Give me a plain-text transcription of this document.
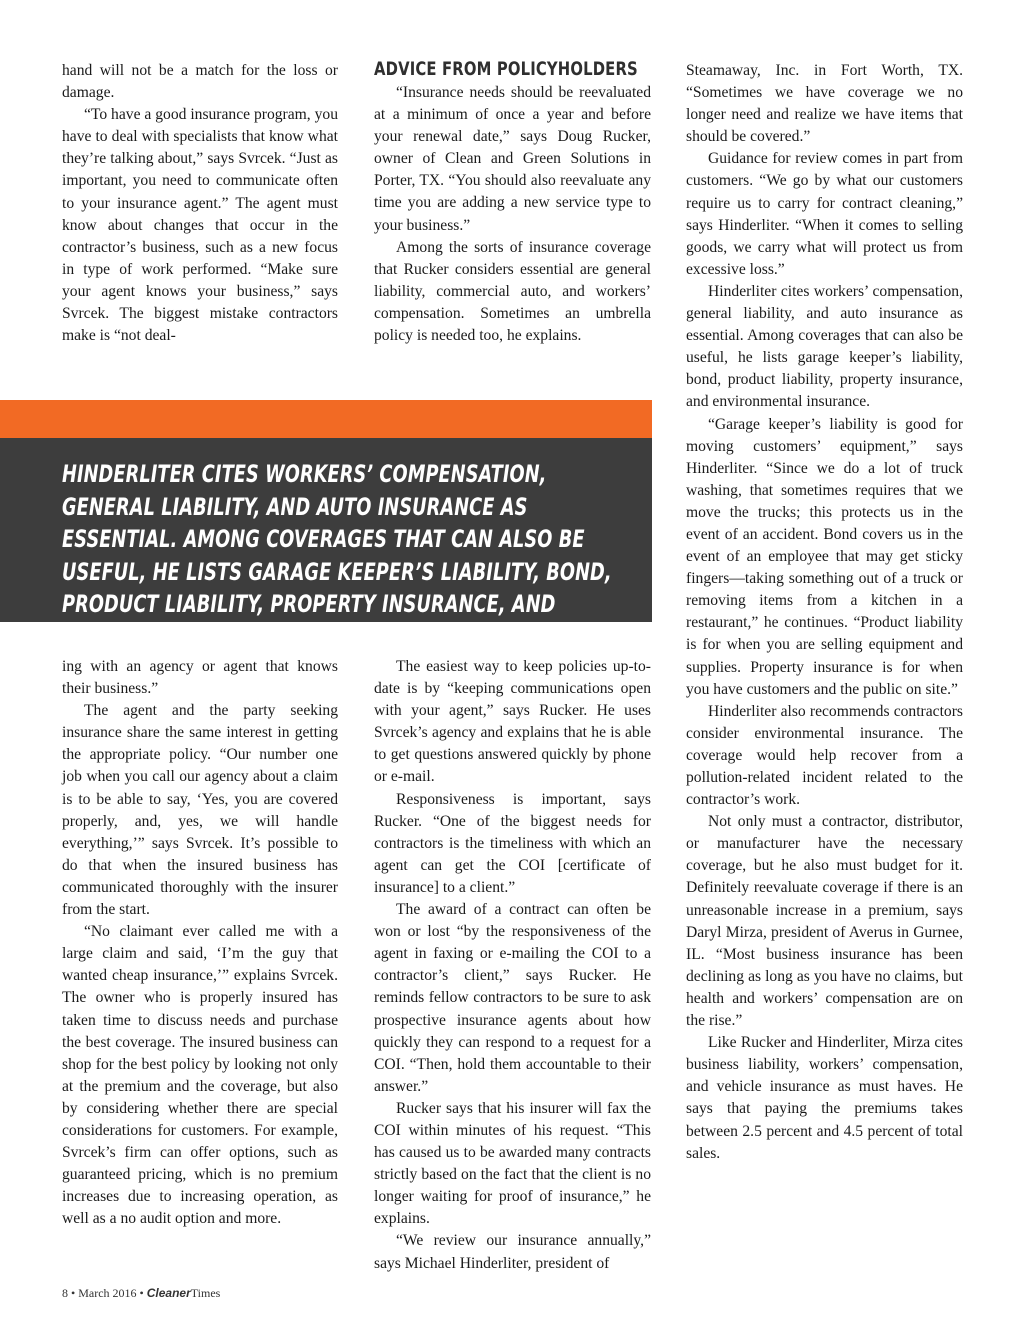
hand will not be a match for the loss or damage.

“To have a good insurance program, you have to deal with specialists that know what they’re talking about,” says Svrcek. “Just as important, you need to communicate often to your insurance agent.” The agent must know about changes that occur in the contractor’s business, such as a new focus in type of work performed. “Make sure your agent knows your business,” says Svrcek. The biggest mistake contractors make is “not deal-

ADVICE FROM POLICYHOLDERS

“Insurance needs should be reevaluated at a minimum of once a year and before your renewal date,” says Doug Rucker, owner of Clean and Green Solutions in Porter, TX. “You should also reevaluate any time you are adding a new service type to your business.”

Among the sorts of insurance coverage that Rucker considers essential are general liability, commercial auto, and workers’ compensation. Sometimes an umbrella policy is needed too, he explains.

HINDERLITER CITES WORKERS’ COMPENSATION, GENERAL LIABILITY, AND AUTO INSURANCE AS ESSENTIAL. AMONG COVERAGES THAT CAN ALSO BE USEFUL, HE LISTS GARAGE KEEPER’S LIABILITY, BOND, PRODUCT LIABILITY, PROPERTY INSURANCE, AND ENVIRONMENTAL INSURANCE.

ing with an agency or agent that knows their business.”

The agent and the party seeking insurance share the same interest in getting the appropriate policy. “Our number one job when you call our agency about a claim is to be able to say, ‘Yes, you are covered properly, and, yes, we will handle everything,’” says Svrcek. It’s possible to do that when the insured business has communicated thoroughly with the insurer from the start.

“No claimant ever called me with a large claim and said, ‘I’m the guy that wanted cheap insurance,’” explains Svrcek. The owner who is properly insured has taken time to discuss needs and purchase the best coverage. The insured business can shop for the best policy by looking not only at the premium and the coverage, but also by considering whether there are special considerations for customers. For example, Svrcek’s firm can offer options, such as guaranteed pricing, which is no premium increases due to increasing operation, as well as a no audit option and more.

The easiest way to keep policies up-to-date is by “keeping communications open with your agent,” says Rucker. He uses Svrcek’s agency and explains that he is able to get questions answered quickly by phone or e-mail.

Responsiveness is important, says Rucker. “One of the biggest needs for contractors is the timeliness with which an agent can get the COI [certificate of insurance] to a client.”

The award of a contract can often be won or lost “by the responsiveness of the agent in faxing or e-mailing the COI to a contractor’s client,” says Rucker. He reminds fellow contractors to be sure to ask prospective insurance agents about how quickly they can respond to a request for a COI. “Then, hold them accountable to their answer.”

Rucker says that his insurer will fax the COI within minutes of his request. “This has caused us to be awarded many contracts strictly based on the fact that the client is no longer waiting for proof of insurance,” he explains.

“We review our insurance annually,” says Michael Hinderliter, president of

Steamaway, Inc. in Fort Worth, TX. “Sometimes we have coverage we no longer need and realize we have items that should be covered.”

Guidance for review comes in part from customers. “We go by what our customers require us to carry for contract cleaning,” says Hinderliter. “When it comes to selling goods, we carry what will protect us from excessive loss.”

Hinderliter cites workers’ compensation, general liability, and auto insurance as essential. Among coverages that can also be useful, he lists garage keeper’s liability, bond, product liability, property insurance, and environmental insurance.

“Garage keeper’s liability is good for moving customers’ equipment,” says Hinderliter. “Since we do a lot of truck washing, that sometimes requires that we move the trucks; this protects us in the event of an accident. Bond covers us in the event of an employee that may get sticky fingers—taking something out of a truck or removing items from a kitchen in a restaurant,” he continues. “Product liability is for when you are selling equipment and supplies. Property insurance is for when you have customers and the public on site.”

Hinderliter also recommends contractors consider environmental insurance. The coverage would help recover from a pollution-related incident related to the contractor’s work.

Not only must a contractor, distributor, or manufacturer have the necessary coverage, but he also must budget for it. Definitely reevaluate coverage if there is an unreasonable increase in a premium, says Daryl Mirza, president of Averus in Gurnee, IL. “Most business insurance has been declining as long as you have no claims, but health and workers’ compensation are on the rise.”

Like Rucker and Hinderliter, Mirza cites business liability, workers’ compensation, and vehicle insurance as must haves. He says that paying the premiums takes between 2.5 percent and 4.5 percent of total sales.

8 • March 2016 • CleanerTimes
